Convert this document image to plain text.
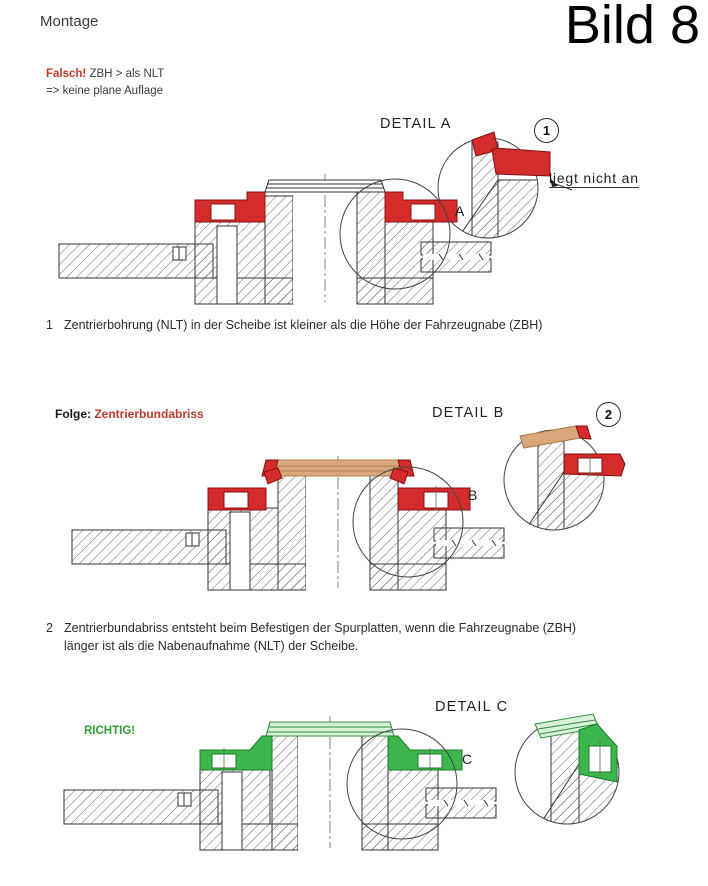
Montage	Bild 8
Falsch! ZBH > als NLT
=> keine plane Auflage
DETAIL A	1
liegt nicht an
A
1 Zentrierbohrung (NLT) in der Scheibe ist kleiner als die Höhe der Fahrzeugnabe (ZBH)
Folge: Zentrierbundabriss	DETAIL B	2
B
2 Zentrierbundabriss entsteht beim Befestigen der Spurplatten, wenn die Fahrzeugnabe (ZBH)
länger ist als die Nabenaufnahme (NLT) der Scheibe.
RICHTIG!
DETAIL C
C
